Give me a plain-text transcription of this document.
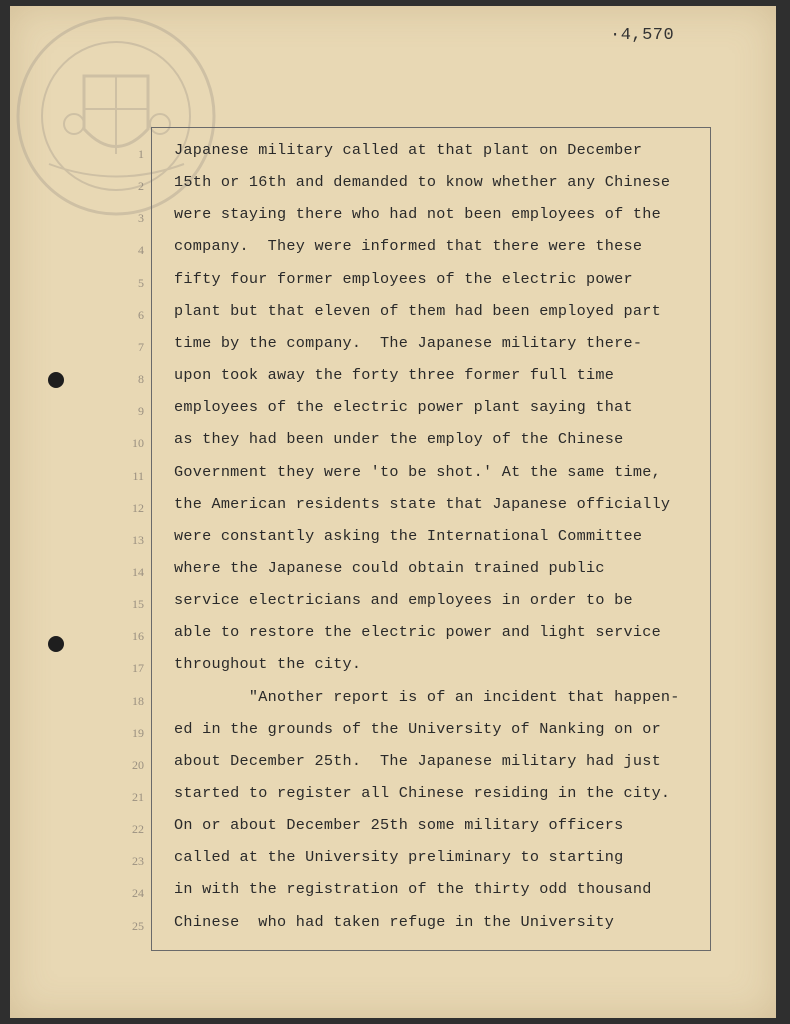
·4,570
1 Japanese military called at that plant on December
2 15th or 16th and demanded to know whether any Chinese
3 were staying there who had not been employees of the
4 company.  They were informed that there were these
5 fifty four former employees of the electric power
6 plant but that eleven of them had been employed part
7 time by the company.  The Japanese military there-
8 upon took away the forty three former full time
9 employees of the electric power plant saying that
10 as they had been under the employ of the Chinese
11 Government they were 'to be shot.' At the same time,
12 the American residents state that Japanese officially
13 were constantly asking the International Committee
14 where the Japanese could obtain trained public
15 service electricians and employees in order to be
16 able to restore the electric power and light service
17 throughout the city.
18 "Another report is of an incident that happen-
19 ed in the grounds of the University of Nanking on or
20 about December 25th.  The Japanese military had just
21 started to register all Chinese residing in the city.
22 On or about December 25th some military officers
23 called at the University preliminary to starting
24 in with the registration of the thirty odd thousand
25 Chinese  who had taken refuge in the University
